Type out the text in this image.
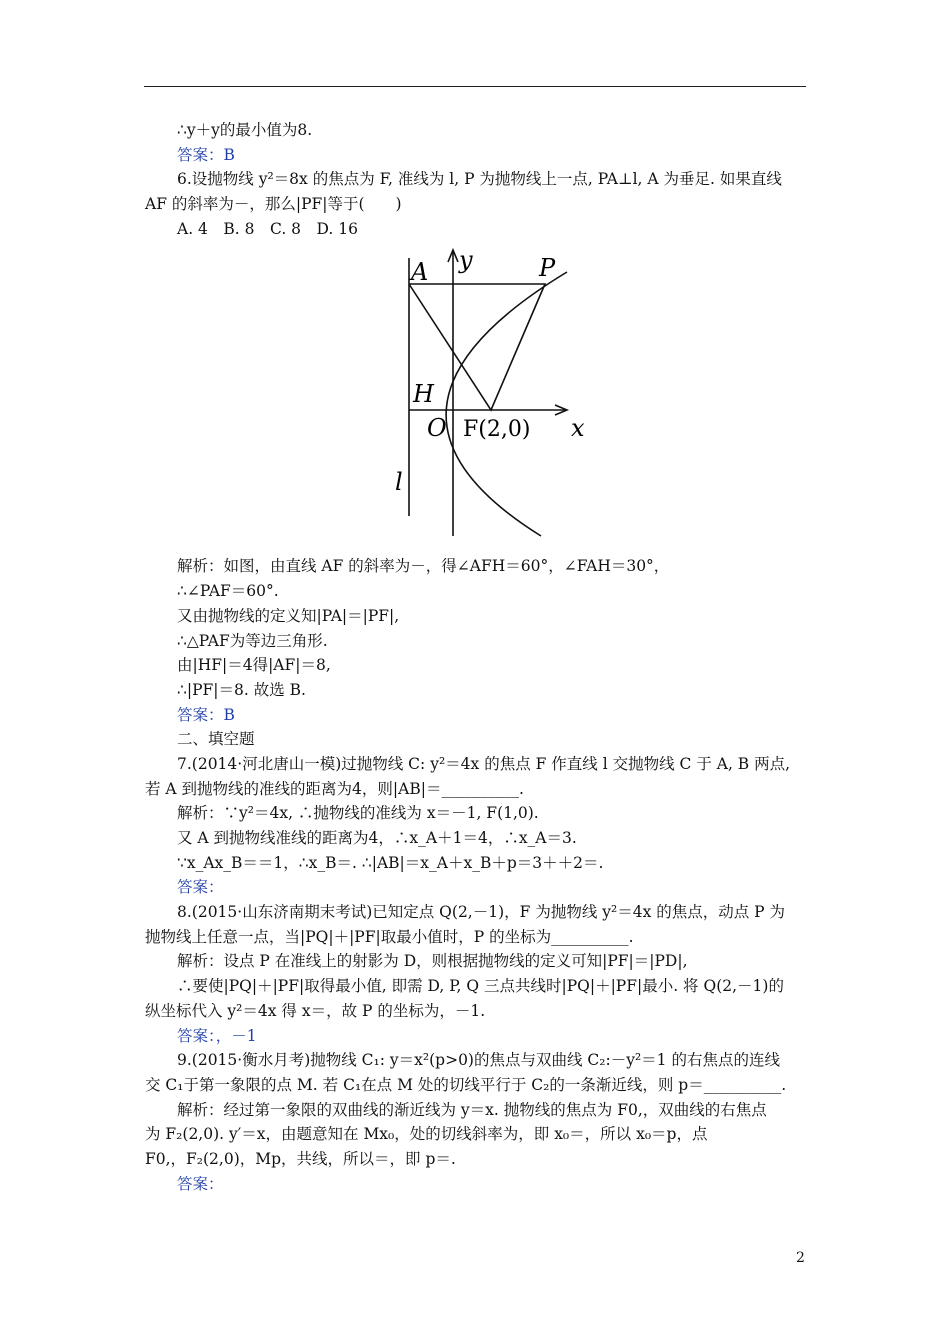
∴y＋y的最小值为8.
答案：B
6.设抛物线 y²＝8x 的焦点为 F, 准线为 l, P 为抛物线上一点, PA⊥l, A 为垂足. 如果直线
AF 的斜率为－，那么|PF|等于(　　)
A. 4　B. 8　C. 8　D. 16
A y	P
H
O F(2,0) x
l
解析：如图，由直线 AF 的斜率为－，得∠AFH＝60°，∠FAH＝30°，
∴∠PAF＝60°.
又由抛物线的定义知|PA|＝|PF|,
∴△PAF为等边三角形.
由|HF|＝4得|AF|＝8,
∴|PF|＝8. 故选 B.
答案：B
二、填空题
7.(2014·河北唐山一模)过抛物线 C: y²＝4x 的焦点 F 作直线 l 交抛物线 C 于 A, B 两点,
若 A 到抛物线的准线的距离为4，则|AB|＝__________.
解析：∵y²＝4x, ∴抛物线的准线为 x＝－1, F(1,0).
又 A 到抛物线准线的距离为4，∴x_A＋1＝4，∴x_A＝3.
∵x_Ax_B＝＝1，∴x_B＝. ∴|AB|＝x_A＋x_B＋p＝3＋＋2＝.
答案：
8.(2015·山东济南期末考试)已知定点 Q(2,－1)，F 为抛物线 y²＝4x 的焦点，动点 P 为
抛物线上任意一点，当|PQ|＋|PF|取最小值时，P 的坐标为__________.
解析：设点 P 在准线上的射影为 D，则根据抛物线的定义可知|PF|＝|PD|,
∴要使|PQ|＋|PF|取得最小值, 即需 D, P, Q 三点共线时|PQ|＋|PF|最小. 将 Q(2,－1)的
纵坐标代入 y²＝4x 得 x＝，故 P 的坐标为，－1.
答案：，－1
9.(2015·衡水月考)抛物线 C₁: y＝x²(p>0)的焦点与双曲线 C₂:－y²＝1 的右焦点的连线
交 C₁于第一象限的点 M. 若 C₁在点 M 处的切线平行于 C₂的一条渐近线，则 p＝__________.
解析：经过第一象限的双曲线的渐近线为 y＝x. 抛物线的焦点为 F0,，双曲线的右焦点
为 F₂(2,0). y′＝x，由题意知在 Mx₀，处的切线斜率为，即 x₀＝，所以 x₀＝p，点
F0,，F₂(2,0)，Mp，共线，所以＝，即 p＝.
答案：
2
